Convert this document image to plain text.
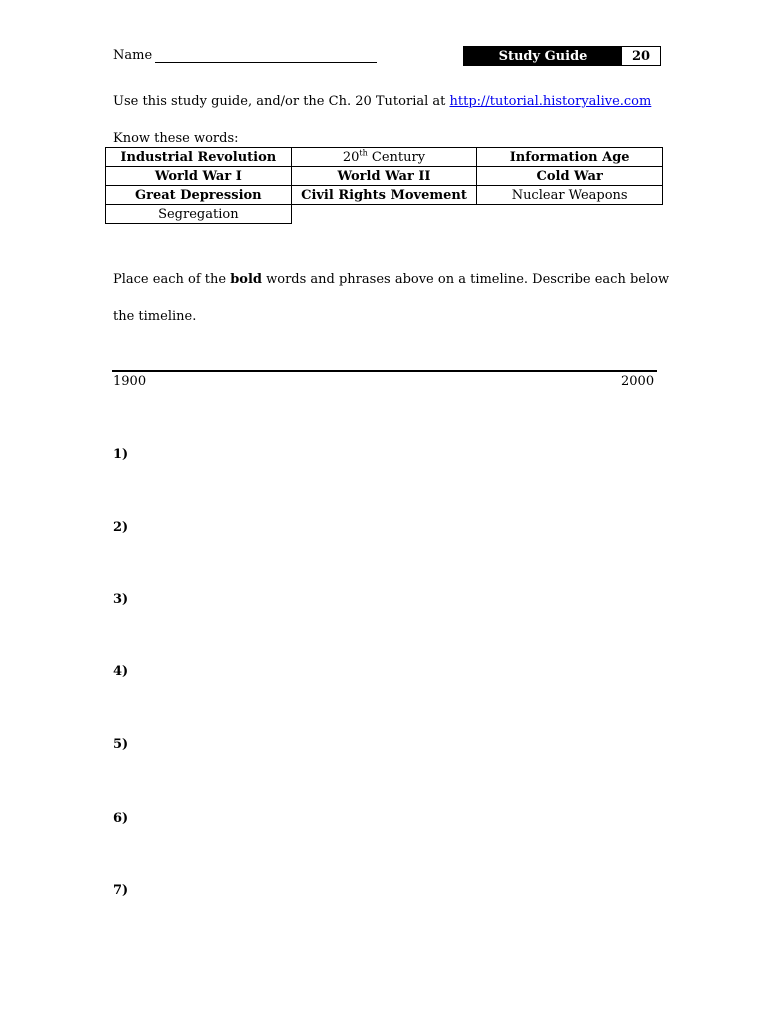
Name	Study Guide	20
Use this study guide, and/or the Ch. 20 Tutorial at http://tutorial.historyalive.com
Know these words:
Industrial Revolution	20th Century	Information Age
World War I	World War II	Cold War
Great Depression	Civil Rights Movement	Nuclear Weapons
Segregation		
Place each of the bold words and phrases above on a timeline. Describe each below the timeline.
1900	2000
1)
2)
3)
4)
5)
6)
7)
